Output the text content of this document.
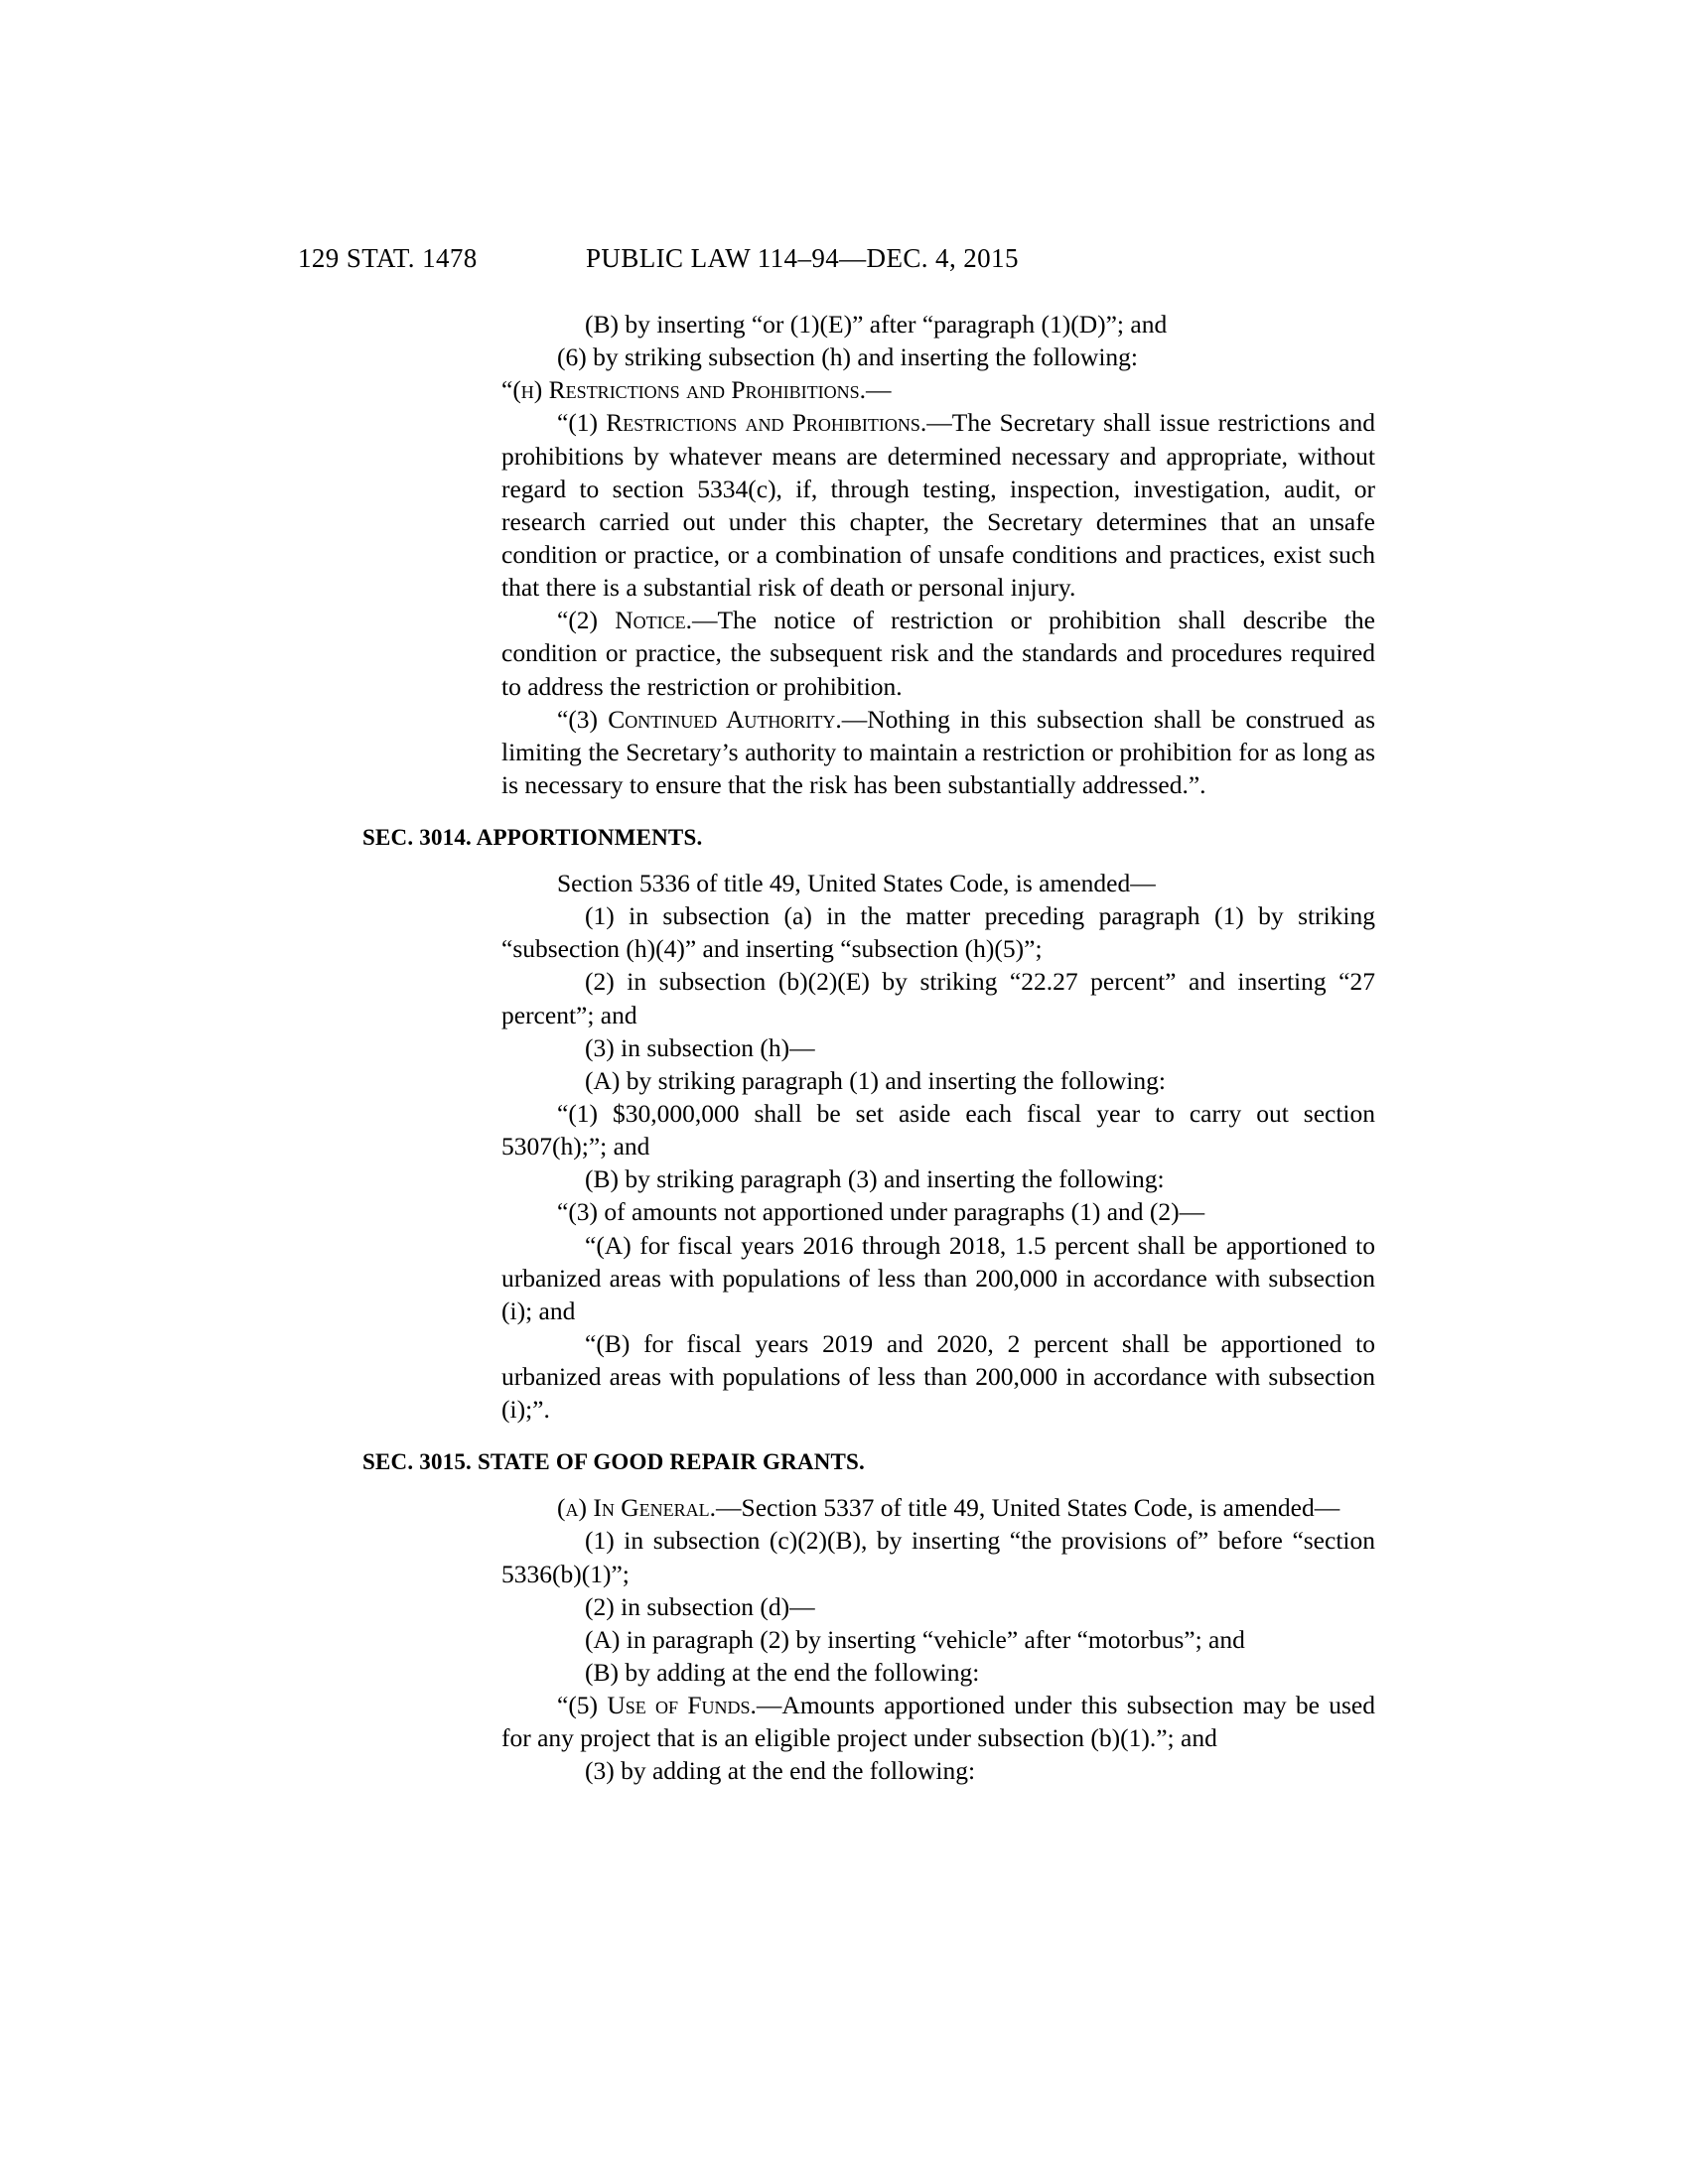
129 STAT. 1478	PUBLIC LAW 114–94—DEC. 4, 2015

(B) by inserting “or (1)(E)” after “paragraph (1)(D)”; and

(6) by striking subsection (h) and inserting the following:

“(h) Restrictions and Prohibitions.—

“(1) Restrictions and Prohibitions.—The Secretary shall issue restrictions and prohibitions by whatever means are determined necessary and appropriate, without regard to section 5334(c), if, through testing, inspection, investigation, audit, or research carried out under this chapter, the Secretary determines that an unsafe condition or practice, or a combination of unsafe conditions and practices, exist such that there is a substantial risk of death or personal injury.

“(2) Notice.—The notice of restriction or prohibition shall describe the condition or practice, the subsequent risk and the standards and procedures required to address the restriction or prohibition.

“(3) Continued Authority.—Nothing in this subsection shall be construed as limiting the Secretary’s authority to maintain a restriction or prohibition for as long as is necessary to ensure that the risk has been substantially addressed.”.

SEC. 3014. APPORTIONMENTS.

Section 5336 of title 49, United States Code, is amended—

(1) in subsection (a) in the matter preceding paragraph (1) by striking “subsection (h)(4)” and inserting “subsection (h)(5)”;

(2) in subsection (b)(2)(E) by striking “22.27 percent” and inserting “27 percent”; and

(3) in subsection (h)—

(A) by striking paragraph (1) and inserting the following:

“(1) $30,000,000 shall be set aside each fiscal year to carry out section 5307(h);”; and

(B) by striking paragraph (3) and inserting the following:

“(3) of amounts not apportioned under paragraphs (1) and (2)—

“(A) for fiscal years 2016 through 2018, 1.5 percent shall be apportioned to urbanized areas with populations of less than 200,000 in accordance with subsection (i); and

“(B) for fiscal years 2019 and 2020, 2 percent shall be apportioned to urbanized areas with populations of less than 200,000 in accordance with subsection (i);”.

SEC. 3015. STATE OF GOOD REPAIR GRANTS.

(a) In General.—Section 5337 of title 49, United States Code, is amended—

(1) in subsection (c)(2)(B), by inserting “the provisions of” before “section 5336(b)(1)”;

(2) in subsection (d)—

(A) in paragraph (2) by inserting “vehicle” after “motorbus”; and

(B) by adding at the end the following:

“(5) Use of Funds.—Amounts apportioned under this subsection may be used for any project that is an eligible project under subsection (b)(1).”; and

(3) by adding at the end the following:
